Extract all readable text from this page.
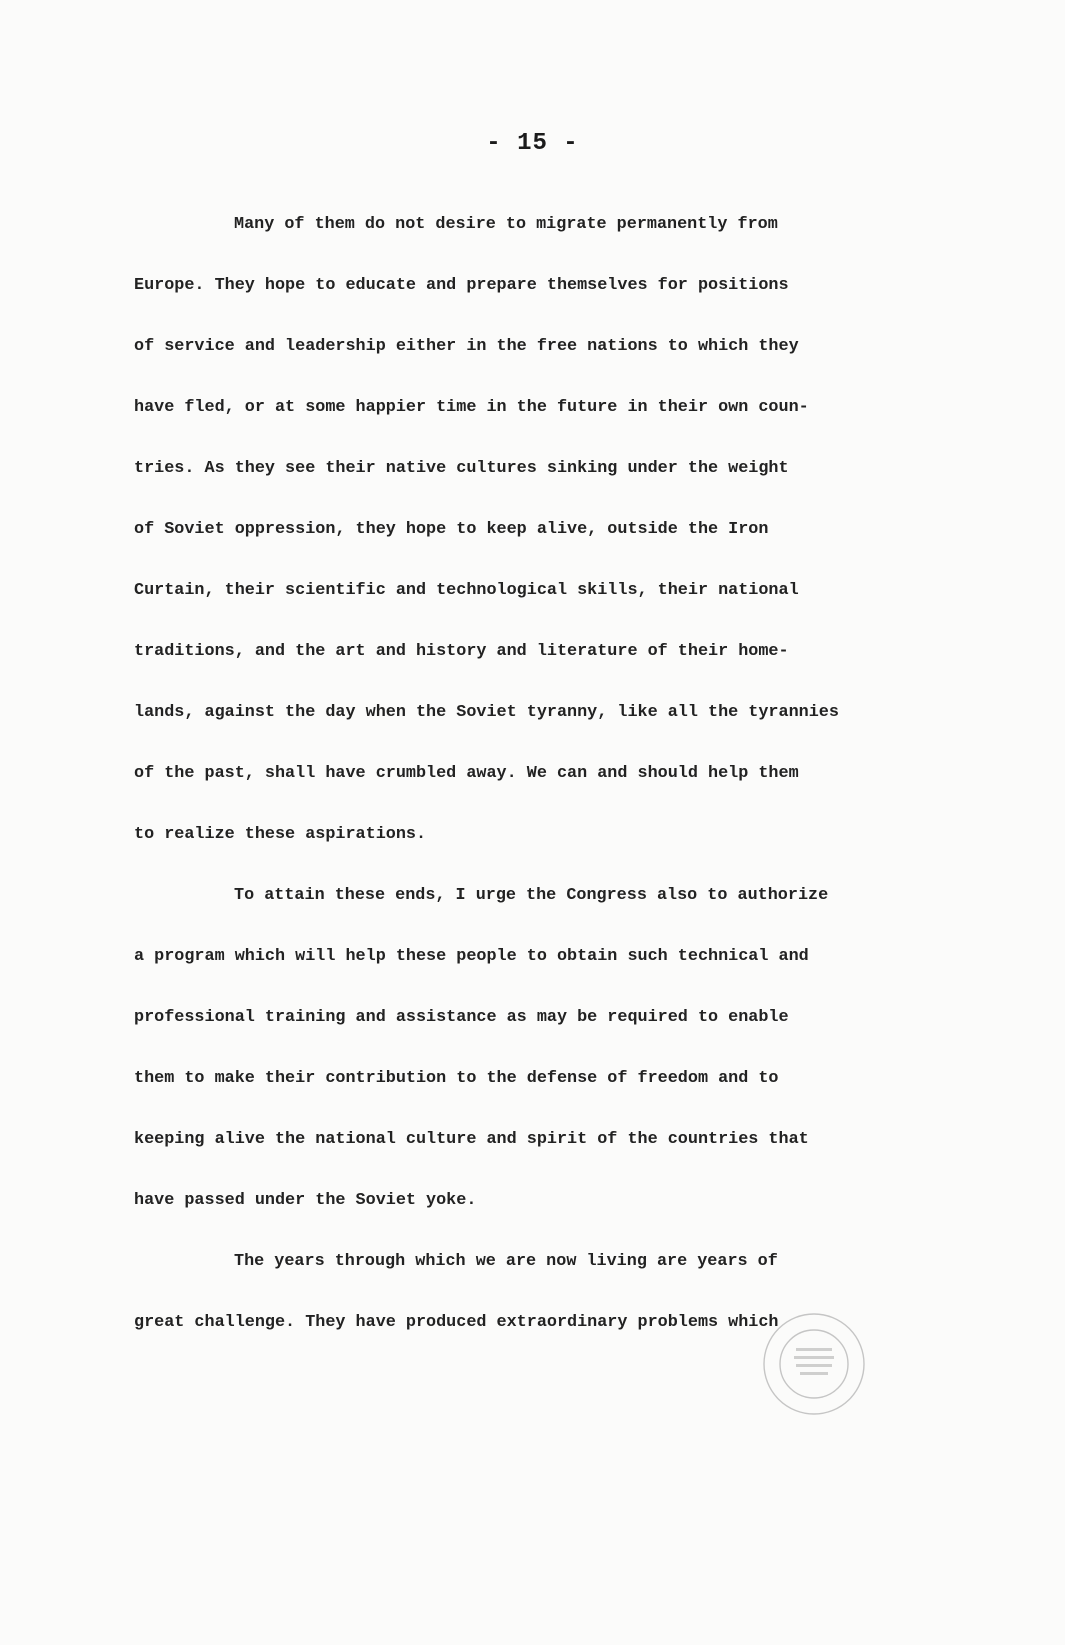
- 15 -
Many of them do not desire to migrate permanently from
Europe. They hope to educate and prepare themselves for positions
of service and leadership either in the free nations to which they
have fled, or at some happier time in the future in their own coun-
tries. As they see their native cultures sinking under the weight
of Soviet oppression, they hope to keep alive, outside the Iron
Curtain, their scientific and technological skills, their national
traditions, and the art and history and literature of their home-
lands, against the day when the Soviet tyranny, like all the tyrannies
of the past, shall have crumbled away. We can and should help them
to realize these aspirations.
To attain these ends, I urge the Congress also to authorize
a program which will help these people to obtain such technical and
professional training and assistance as may be required to enable
them to make their contribution to the defense of freedom and to
keeping alive the national culture and spirit of the countries that
have passed under the Soviet yoke.
The years through which we are now living are years of
great challenge. They have produced extraordinary problems which
